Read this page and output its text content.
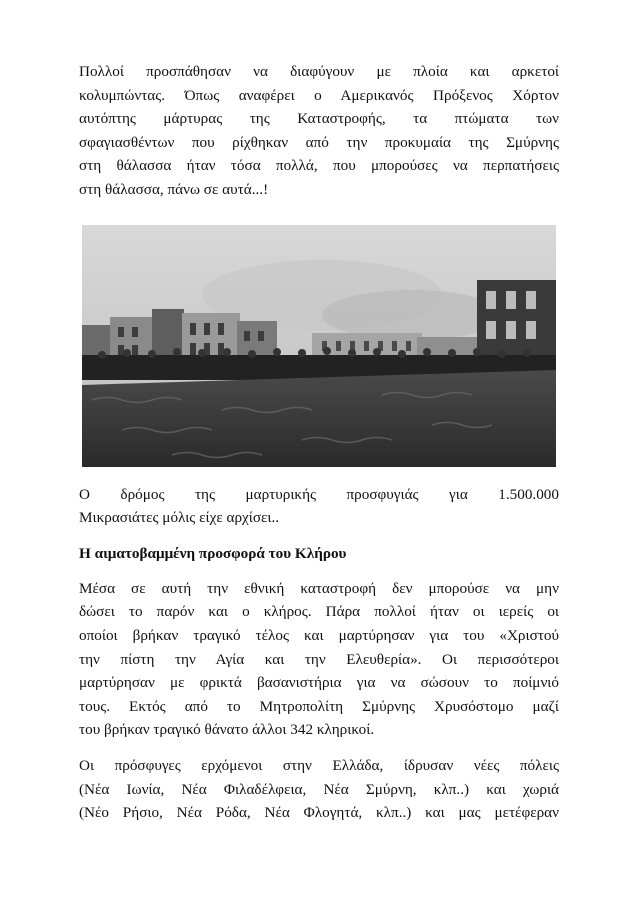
Πολλοί προσπάθησαν να διαφύγουν με πλοία και αρκετοί
κολυμπώντας. Όπως αναφέρει ο Αμερικανός Πρόξενος Χόρτον
αυτόπτης μάρτυρας της Καταστροφής, τα πτώματα των
σφαγιασθέντων που ρίχθηκαν από την προκυμαία της Σμύρνης
στη θάλασσα ήταν τόσα πολλά, που μπορούσες να περπατήσεις
στη θάλασσα, πάνω σε αυτά...!

Ο δρόμος της μαρτυρικής προσφυγιάς για 1.500.000
Μικρασιάτες μόλις είχε αρχίσει..

Η αιματοβαμμένη προσφορά του Κλήρου

Μέσα σε αυτή την εθνική καταστροφή δεν μπορούσε να μην
δώσει το παρόν και ο κλήρος. Πάρα πολλοί ήταν οι ιερείς οι
οποίοι βρήκαν τραγικό τέλος και μαρτύρησαν για του «Χριστού
την πίστη την Αγία και την Ελευθερία». Οι περισσότεροι
μαρτύρησαν με φρικτά βασανιστήρια για να σώσουν το ποίμνιό
τους. Εκτός από το Μητροπολίτη Σμύρνης Χρυσόστομο μαζί
του βρήκαν τραγικό θάνατο άλλοι 342 κληρικοί.

Οι πρόσφυγες ερχόμενοι στην Ελλάδα, ίδρυσαν νέες πόλεις
(Νέα Ιωνία, Νέα Φιλαδέλφεια, Νέα Σμύρνη, κλπ..) και χωριά
(Νέο Ρήσιο, Νέα Ρόδα, Νέα Φλογητά, κλπ..) και μας μετέφεραν
